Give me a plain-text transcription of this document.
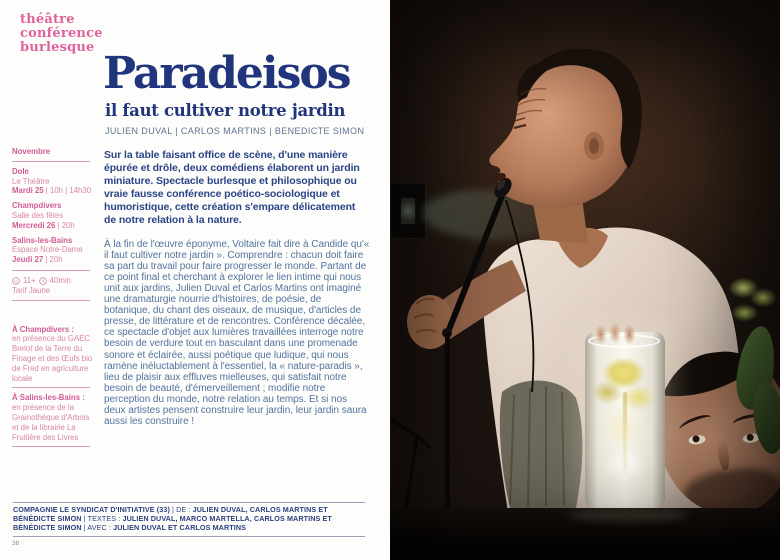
théâtre
conférence
burlesque
Paradeisos
il faut cultiver notre jardin
JULIEN DUVAL | CARLOS MARTINS | BENEDICTE SIMON
Novembre
Dole
Le Théâtre
Mardi 25 | 10h | 14h30
Champdivers
Salle des fêtes
Mercredi 26 | 20h
Salins-les-Bains
Espace Notre-Dame
Jeudi 27 | 20h
11+ 40min
Tarif Jaune
À Champdivers :
en présence du GAEC Brelot de la Terre du Finage et des Œufs bio de Fred en agriculture locale
À Salins-les-Bains :
en présence de la Grainothèque d'Arbois et de la librairie La Fruitière des Livres

Sur la table faisant office de scène, d'une manière épurée et drôle, deux comédiens élaborent un jardin miniature. Spectacle burlesque et philosophique ou vraie fausse conférence poético-sociologique et humoristique, cette création s'empare délicatement de notre relation à la nature.

À la fin de l'œuvre éponyme, Voltaire fait dire à Candide qu'« il faut cultiver notre jardin ». Comprendre : chacun doit faire sa part du travail pour faire progresser le monde. Partant de ce point final et cherchant à explorer le lien intime qui nous unit aux jardins, Julien Duval et Carlos Martins ont imaginé une dramaturgie nourrie d'histoires, de poésie, de botanique, du chant des oiseaux, de musique, d'articles de presse, de littérature et de rencontres. Conférence décalée, ce spectacle d'objet aux lumières travaillées interroge notre besoin de verdure tout en basculant dans une promenade sonore et éclairée, aussi poétique que ludique, qui nous ramène inéluctablement à l'essentiel, la « nature-paradis », lieu de plaisir aux effluves mielleuses, qui satisfait notre besoin de beauté, d'émerveillement ; modifie notre perception du monde, notre relation au temps. Et si nos deux artistes pensent construire leur jardin, leur jardin saura aussi les construire !

COMPAGNIE LE SYNDICAT D'INITIATIVE (33) | DE : JULIEN DUVAL, CARLOS MARTINS ET BÉNÉDICTE SIMON | TEXTES : JULIEN DUVAL, MARCO MARTELLA, CARLOS MARTINS ET BÉNÉDICTE SIMON | AVEC : JULIEN DUVAL ET CARLOS MARTINS
38
